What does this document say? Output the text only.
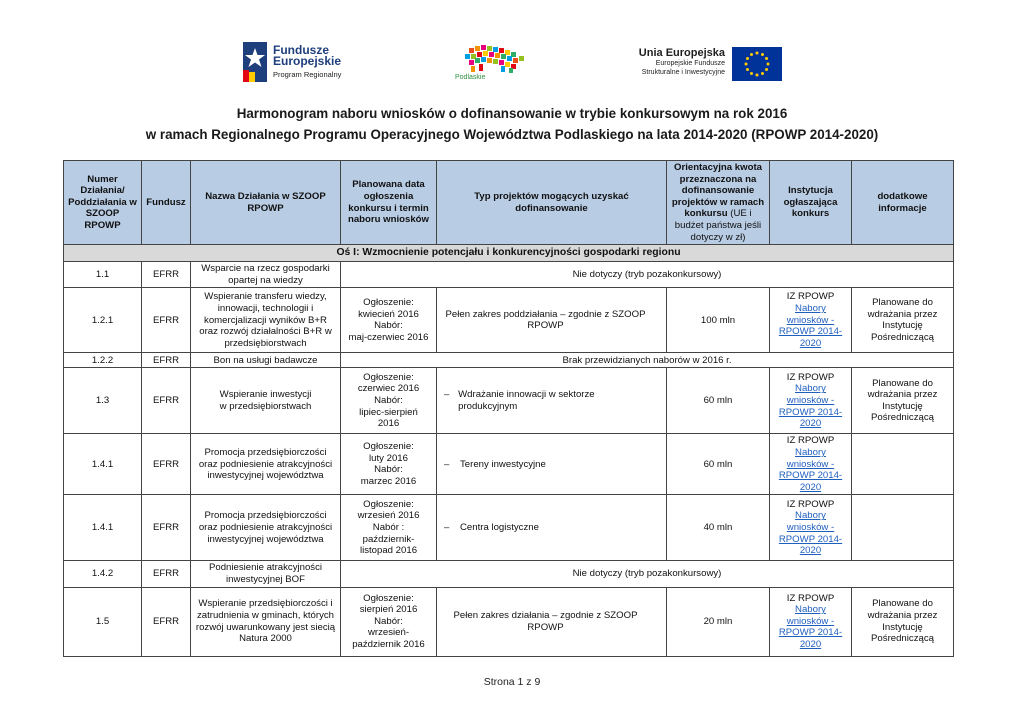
Fundusze
Europejskie
Program Regionalny	Podlaskie
Unia Europejska
Europejskie Fundusze
Strukturalne i Inwestycyjne
Harmonogram naboru wniosków o dofinansowanie w trybie konkursowym na rok 2016
w ramach Regionalnego Programu Operacyjnego Województwa Podlaskiego na lata 2014-2020 (RPOWP 2014-2020)
Numer Działania/ Poddziałania w SZOOP RPOWP	Fundusz	Nazwa Działania w SZOOP RPOWP	Planowana data ogłoszenia konkursu i termin naboru wniosków	Typ projektów mogących uzyskać dofinansowanie	Orientacyjna kwota przeznaczona na dofinansowanie projektów w ramach konkursu (UE i budżet państwa jeśli dotyczy w zł)	Instytucja ogłaszająca konkurs	dodatkowe informacje
Oś I: Wzmocnienie potencjału i konkurencyjności gospodarki regionu							
1.1	EFRR	Wsparcie na rzecz gospodarki opartej na wiedzy	Nie dotyczy (tryb pozakonkursowy)				
1.2.1	EFRR	Wspieranie transferu wiedzy, innowacji, technologii i komercjalizacji wyników B+R oraz rozwój działalności B+R w przedsiębiorstwach	Ogłoszenie:
kwiecień 2016
Nabór:
maj-czerwiec 2016	Pełen zakres poddziałania – zgodnie z SZOOP RPOWP	100 mln	IZ RPOWP
Nabory wniosków -
RPOWP 2014-2020	Planowane do wdrażania przez Instytucję Pośredniczącą
1.2.2	EFRR	Bon na usługi badawcze	Brak przewidzianych naborów w 2016 r.				
1.3	EFRR	Wspieranie inwestycji
w przedsiębiorstwach	Ogłoszenie:
czerwiec 2016
Nabór:
lipiec-sierpień
2016	– Wdrażanie innowacji w sektorze produkcyjnym	60 mln	IZ RPOWP
Nabory wniosków -
RPOWP 2014-2020	Planowane do wdrażania przez Instytucję Pośredniczącą
1.4.1	EFRR	Promocja przedsiębiorczości oraz podniesienie atrakcyjności inwestycyjnej województwa	Ogłoszenie:
luty 2016
Nabór:
marzec 2016	– Tereny inwestycyjne	60 mln	IZ RPOWP
Nabory wniosków -
RPOWP 2014-2020	

1.4.1	EFRR	Promocja przedsiębiorczości oraz podniesienie atrakcyjności inwestycyjnej województwa	Ogłoszenie:
wrzesień 2016
Nabór :
październik-
listopad 2016	– Centra logistyczne	40 mln	IZ RPOWP
Nabory wniosków -
RPOWP 2014-2020	

1.4.2	EFRR	Podniesienie atrakcyjności inwestycyjnej BOF	Nie dotyczy (tryb pozakonkursowy)				
1.5	EFRR	Wspieranie przedsiębiorczości i zatrudnienia w gminach, których rozwój uwarunkowany jest siecią Natura 2000	Ogłoszenie:
sierpień 2016
Nabór:
wrzesień-
październik 2016	Pełen zakres działania – zgodnie z SZOOP RPOWP	20 mln	IZ RPOWP
Nabory wniosków -
RPOWP 2014-2020	Planowane do wdrażania przez Instytucję Pośredniczącą
Strona 1 z 9
